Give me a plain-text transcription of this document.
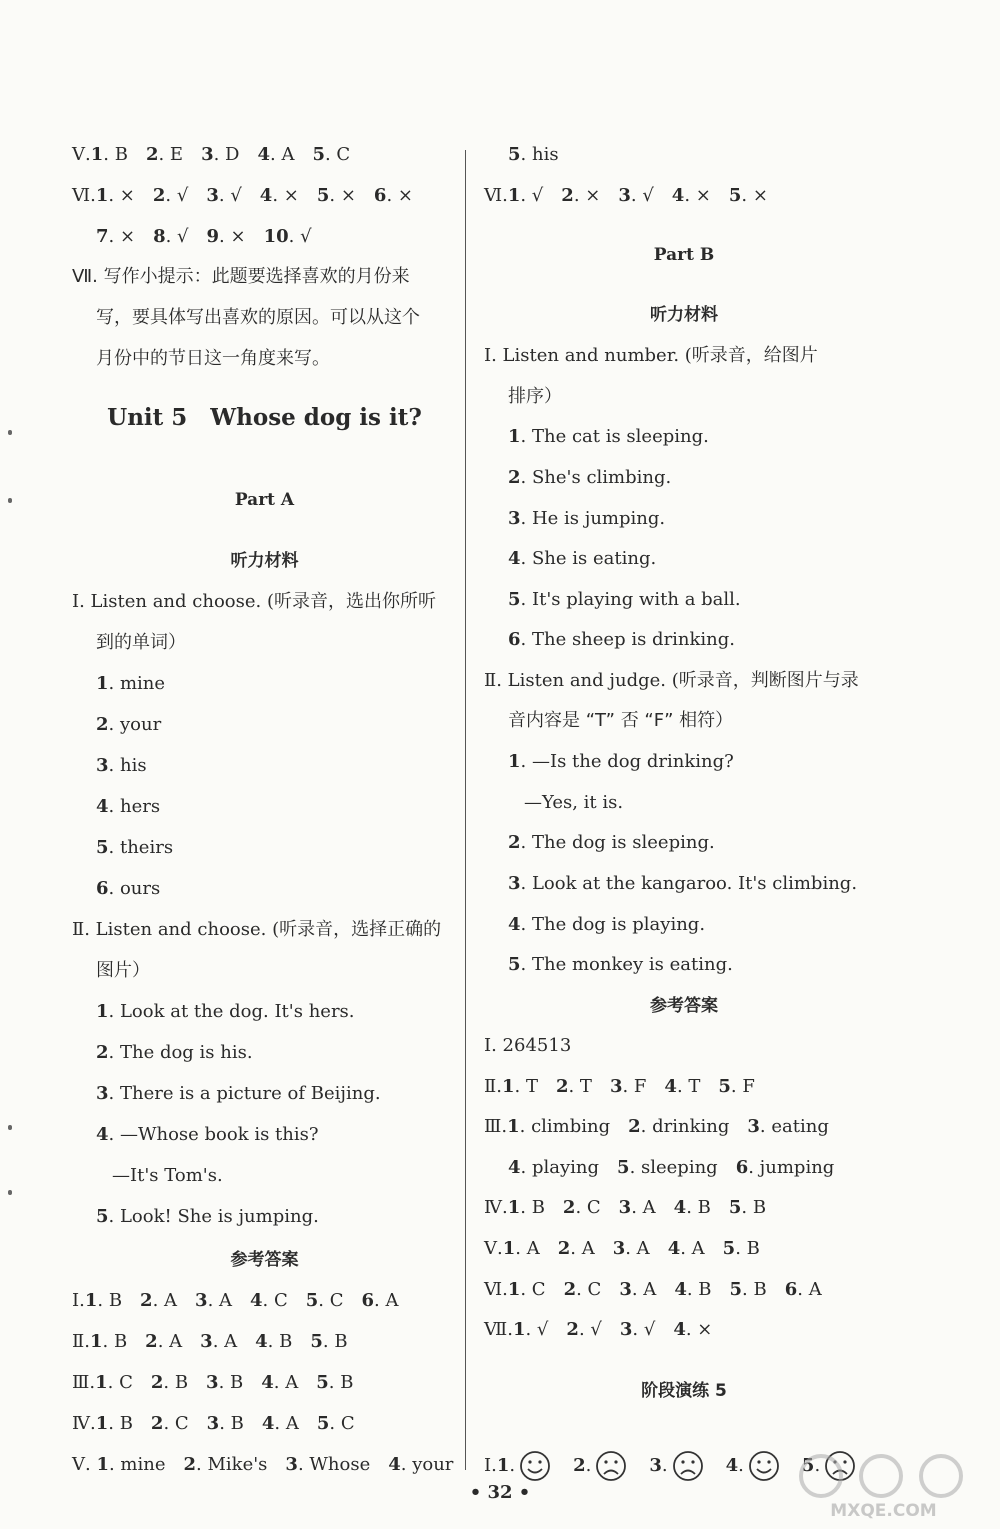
Ⅴ.1. B　2. E　3. D　4. A　5. C
Ⅵ.1. ×　2. √　3. √　4. ×　5. ×　6. ×
7. ×　8. √　9. ×　10. √
Ⅶ. 写作小提示：此题要选择喜欢的月份来
写，要具体写出喜欢的原因。可以从这个
月份中的节日这一角度来写。
Unit 5　Whose dog is it?
Part A
听力材料
Ⅰ. Listen and choose. (听录音，选出你所听
到的单词）
1. mine
2. your
3. his
4. hers
5. theirs
6. ours
Ⅱ. Listen and choose. (听录音，选择正确的
图片）
1. Look at the dog. It's hers.
2. The dog is his.
3. There is a picture of Beijing.
4. —Whose book is this?
—It's Tom's.
5. Look! She is jumping.
参考答案
Ⅰ.1. B　2. A　3. A　4. C　5. C　6. A
Ⅱ.1. B　2. A　3. A　4. B　5. B
Ⅲ.1. C　2. B　3. B　4. A　5. B
Ⅳ.1. B　2. C　3. B　4. A　5. C
Ⅴ. 1. mine　2. Mike's　3. Whose　4. your Ⅰ.1.	2.	3.	4.	5.
5. his
Ⅵ.1. √　2. ×　3. √　4. ×　5. ×
Part B
听力材料
Ⅰ. Listen and number. (听录音，给图片
排序）
1. The cat is sleeping.
2. She's climbing.
3. He is jumping.
4. She is eating.
5. It's playing with a ball.
6. The sheep is drinking.
Ⅱ. Listen and judge. (听录音，判断图片与录
音内容是 “T” 否 “F” 相符）
1. —Is the dog drinking?
—Yes, it is.
2. The dog is sleeping.
3. Look at the kangaroo. It's climbing.
4. The dog is playing.
5. The monkey is eating.
参考答案
Ⅰ. 264513
Ⅱ.1. T　2. T　3. F　4. T　5. F
Ⅲ.1. climbing　2. drinking　3. eating
4. playing　5. sleeping　6. jumping
Ⅳ.1. B　2. C　3. A　4. B　5. B
Ⅴ.1. A　2. A　3. A　4. A　5. B
Ⅵ.1. C　2. C　3. A　4. B　5. B　6. A
Ⅶ.1. √　2. √　3. √　4. ×
阶段演练 5
• 32 •
MXQE.COM
